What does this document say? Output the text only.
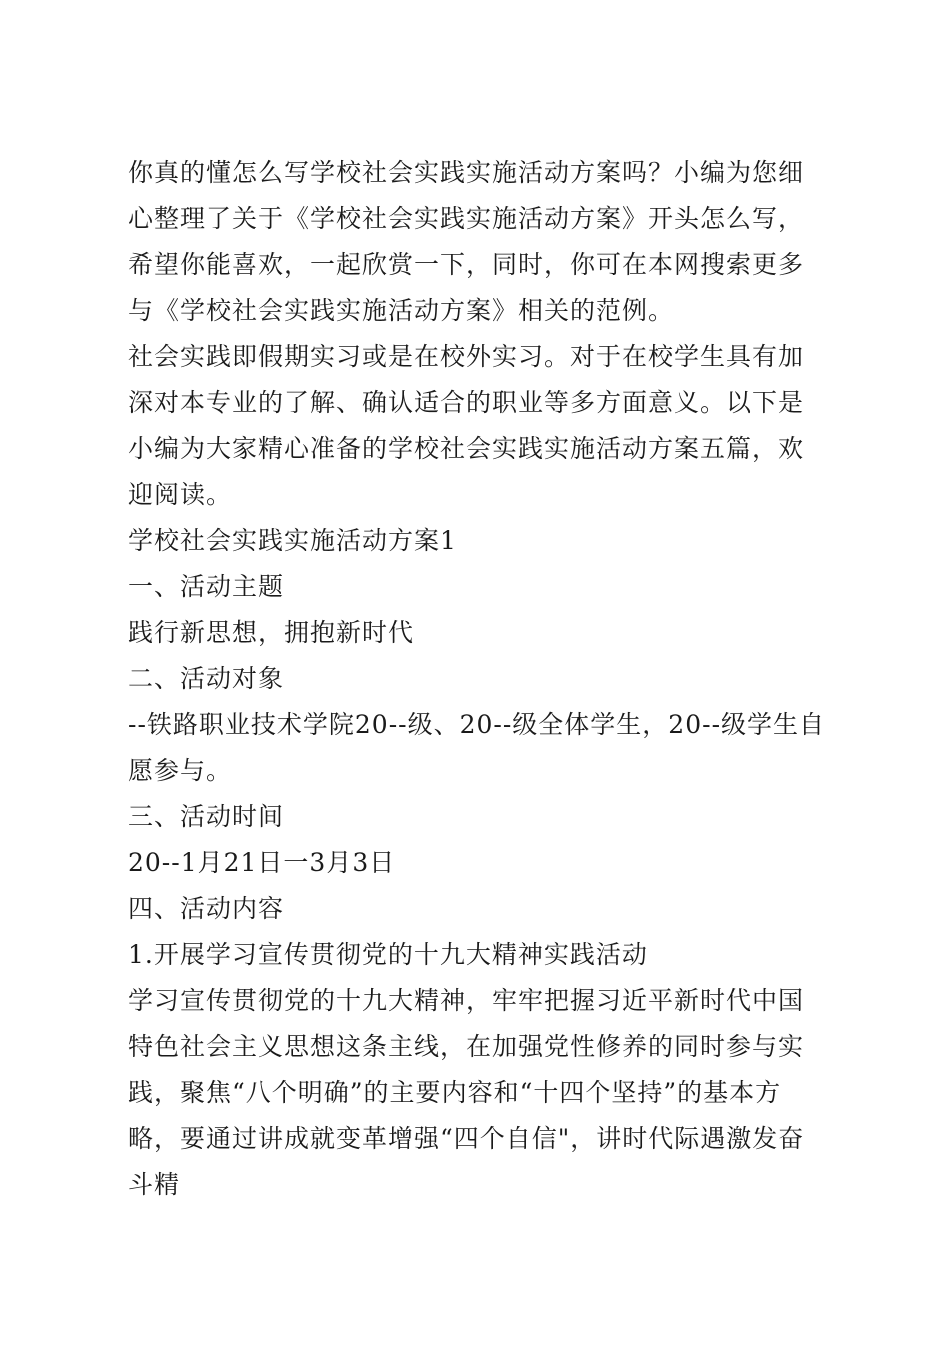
你真的懂怎么写学校社会实践实施活动方案吗？小编为您细心整理了关于《学校社会实践实施活动方案》开头怎么写，希望你能喜欢，一起欣赏一下，同时，你可在本网搜索更多与《学校社会实践实施活动方案》相关的范例。

社会实践即假期实习或是在校外实习。对于在校学生具有加深对本专业的了解、确认适合的职业等多方面意义。以下是小编为大家精心准备的学校社会实践实施活动方案五篇，欢迎阅读。

学校社会实践实施活动方案1

一、活动主题

践行新思想，拥抱新时代

二、活动对象

--铁路职业技术学院20--级、20--级全体学生，20--级学生自愿参与。

三、活动时间

20--1月21日一3月3日

四、活动内容

1.开展学习宣传贯彻党的十九大精神实践活动

学习宣传贯彻党的十九大精神，牢牢把握习近平新时代中国特色社会主义思想这条主线，在加强党性修养的同时参与实践，聚焦“八个明确”的主要内容和“十四个坚持”的基本方略，要通过讲成就变革增强“四个自信"，讲时代际遇激发奋斗精
